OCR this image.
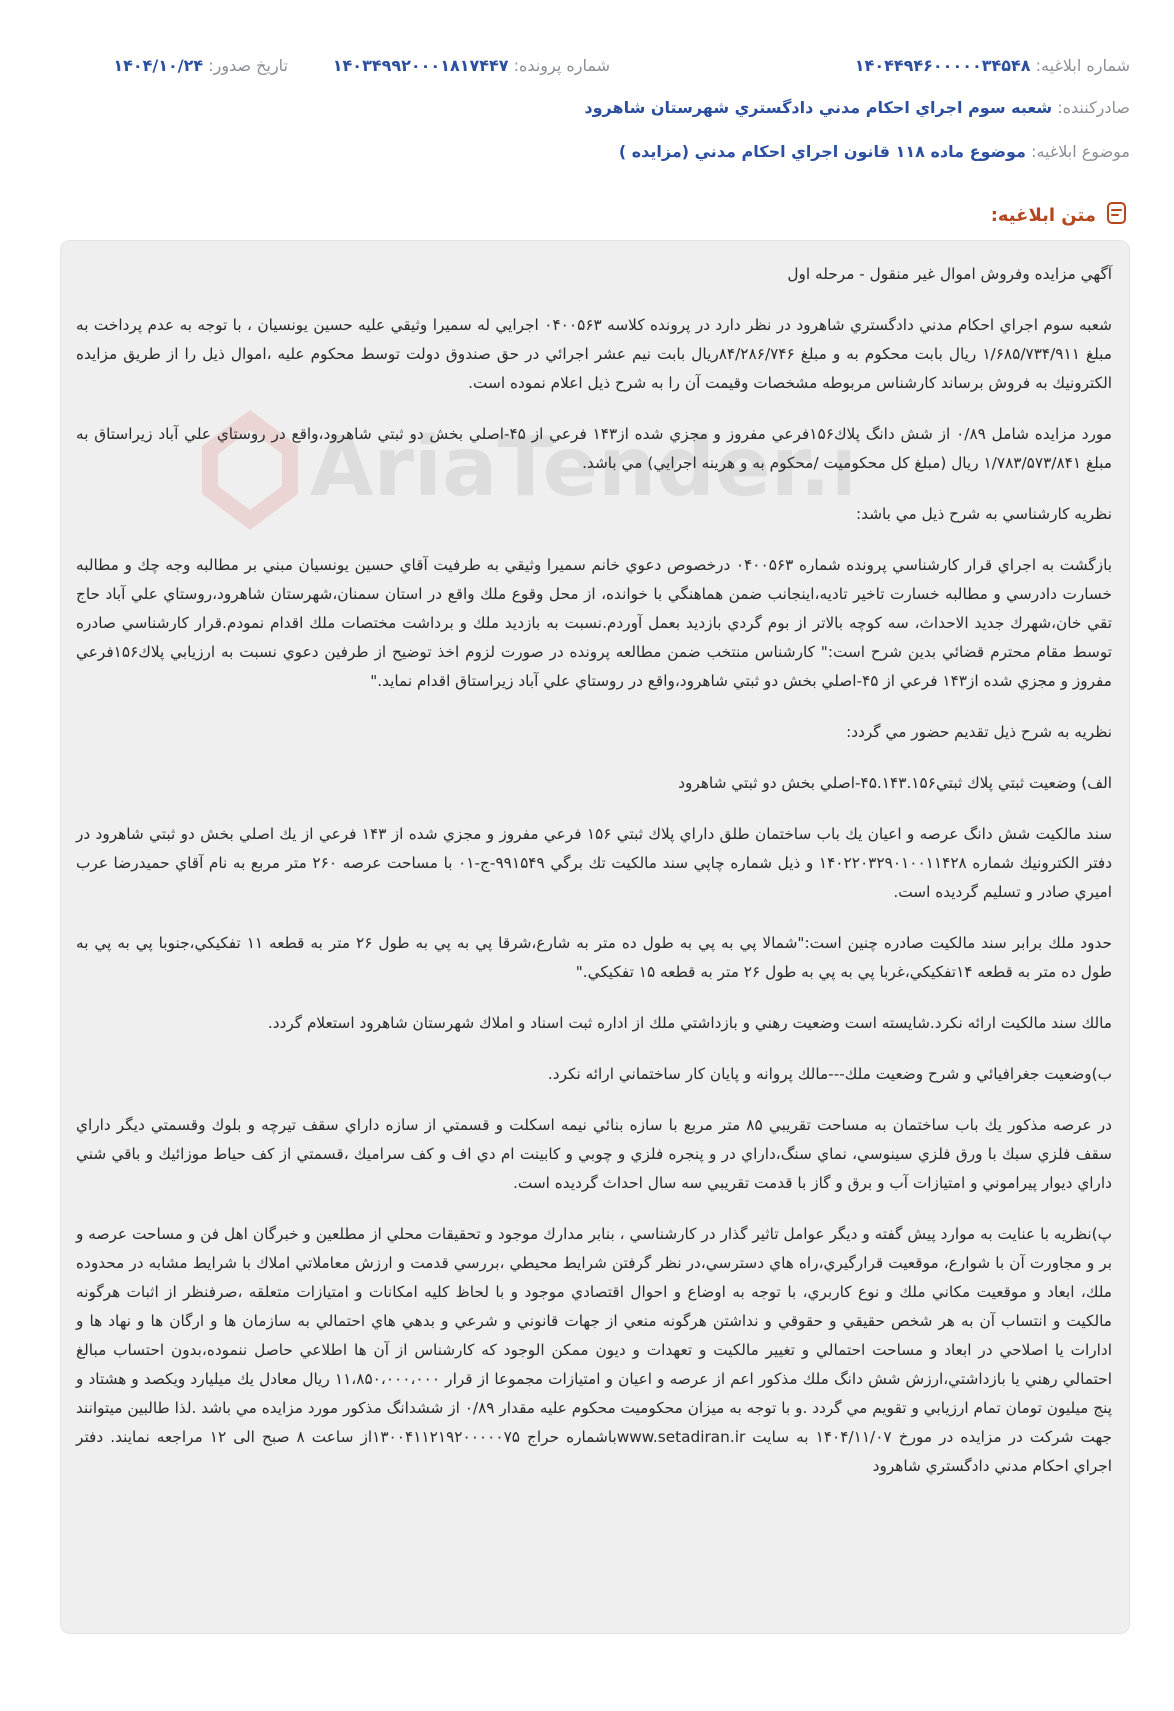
شماره ابلاغيه: ۱۴۰۴۴۹۴۶۰۰۰۰۰۳۴۵۴۸
شماره پرونده: ۱۴۰۳۴۹۹۲۰۰۰۱۸۱۷۴۴۷
تاريخ صدور: ۱۴۰۴/۱۰/۲۴
صادرکننده: شعبه سوم اجراي احكام مدني دادگستري شهرستان شاهرود
موضوع ابلاغيه: موضوع ماده ۱۱۸ قانون اجراي احكام مدني (مزايده )
متن ابلاغيه:
AriaTender.

آگهي مزايده وفروش اموال غير منقول - مرحله اول

شعبه سوم اجراي احكام مدني دادگستري شاهرود در نظر دارد در پرونده كلاسه ۰۴۰۰۵۶۳ اجرايي له سميرا وثيقي عليه حسين يونسيان ، با توجه به عدم پرداخت به مبلغ ۱/۶۸۵/۷۳۴/۹۱۱ ريال بابت محكوم به و مبلغ ۸۴/۲۸۶/۷۴۶ريال بابت نيم عشر اجرائي در حق صندوق دولت توسط محكوم عليه ،اموال ذيل را از طريق مزايده الكترونيك به فروش برساند كارشناس مربوطه مشخصات وقيمت آن را به شرح ذيل اعلام نموده است.

مورد مزايده شامل ۰/۸۹ از شش دانگ پلاك۱۵۶فرعي مفروز و مجزي شده از۱۴۳ فرعي از ۴۵-اصلي بخش دو ثبتي شاهرود،واقع در روستاي علي آباد زيراستاق به مبلغ ۱/۷۸۳/۵۷۳/۸۴۱ ريال (مبلغ كل محكوميت /محكوم به و هرينه اجرايي) مي باشد.

نظريه كارشناسي به شرح ذيل مي باشد:

بازگشت به اجراي قرار كارشناسي پرونده شماره ۰۴۰۰۵۶۳ درخصوص دعوي خانم سميرا وثيقي به طرفيت آقاي حسين يونسيان مبني بر مطالبه وجه چك و مطالبه خسارت دادرسي و مطالبه خسارت تاخير تاديه،اينجانب ضمن هماهنگي با خوانده، از محل وقوع ملك واقع در استان سمنان،شهرستان شاهرود،روستاي علي آباد حاج تقي خان،شهرك جديد الاحداث، سه كوچه بالاتر از بوم گردي بازديد بعمل آوردم.نسبت به بازديد ملك و برداشت مختصات ملك اقدام نمودم.قرار كارشناسي صادره توسط مقام محترم قضائي بدين شرح است:" كارشناس منتخب ضمن مطالعه پرونده در صورت لزوم اخذ توضيح از طرفين دعوي نسبت به ارزيابي پلاك۱۵۶فرعي مفروز و مجزي شده از۱۴۳ فرعي از ۴۵-اصلي بخش دو ثبتي شاهرود،واقع در روستاي علي آباد زيراستاق اقدام نمايد."

نظريه به شرح ذيل تقديم حضور مي گردد:

الف) وضعيت ثبتي پلاك ثبتي۴۵.۱۴۳.۱۵۶-اصلي بخش دو ثبتي شاهرود

سند مالكيت شش دانگ عرصه و اعيان يك باب ساختمان طلق داراي پلاك ثبتي ۱۵۶ فرعي مفروز و مجزي شده از ۱۴۳ فرعي از يك اصلي بخش دو ثبتي شاهرود در دفتر الكترونيك شماره ۱۴۰۲۲۰۳۲۹۰۱۰۰۱۱۴۲۸ و ذيل شماره چاپي سند مالكيت تك برگي ۹۹۱۵۴۹-ج-۰۱ با مساحت عرصه ۲۶۰ متر مربع به نام آقاي حميدرضا عرب اميري صادر و تسليم گرديده است.

حدود ملك برابر سند مالكيت صادره چنين است:"شمالا پي به پي به طول ده متر به شارع،شرقا پي به پي به طول ۲۶ متر به قطعه ۱۱ تفكيكي،جنوبا پي به پي به طول ده متر به قطعه ۱۴تفكيكي،غربا پي به پي به طول ۲۶ متر به قطعه ۱۵ تفكيكي."

مالك سند مالكيت ارائه نكرد.شايسته است وضعيت رهني و بازداشتي ملك از اداره ثبت اسناد و املاك شهرستان شاهرود استعلام گردد.

ب)وضعيت جغرافيائي و شرح وضعيت ملك---مالك پروانه و پايان كار ساختماني ارائه نكرد.

در عرصه مذكور يك باب ساختمان به مساحت تقريبي ۸۵ متر مربع با سازه بنائي نيمه اسكلت و قسمتي از سازه داراي سقف تيرچه و بلوك وقسمتي ديگر داراي سقف فلزي سبك با ورق فلزي سينوسي، نماي سنگ،داراي در و پنجره فلزي و چوبي و كابينت ام دي اف و كف سراميك ،قسمتي از كف حياط موزائيك و باقي شني داراي ديوار پيراموني و امتيازات آب و برق و گاز با قدمت تقريبي سه سال احداث گرديده است.

پ)نظريه با عنايت به موارد پيش گفته و ديگر عوامل تاثير گذار در كارشناسي ، بنابر مدارك موجود و تحقيقات محلي از مطلعين و خبرگان اهل فن و مساحت عرصه و بر و مجاورت آن با شوارع، موقعيت قرارگيري،راه هاي دسترسي،در نظر گرفتن شرايط محيطي ،بررسي قدمت و ارزش معاملاتي املاك با شرايط مشابه در محدوده ملك، ابعاد و موقعيت مكاني ملك و نوع كاربري، با توجه به اوضاع و احوال اقتصادي موجود و با لحاظ كليه امكانات و امتيازات متعلقه ،صرفنظر از اثبات هرگونه مالكيت و انتساب آن به هر شخص حقيقي و حقوقي و نداشتن هرگونه منعي از جهات قانوني و شرعي و بدهي هاي احتمالي به سازمان ها و ارگان ها و نهاد ها و ادارات يا اصلاحي در ابعاد و مساحت احتمالي و تغيير مالكيت و تعهدات و ديون ممكن الوجود كه كارشناس از آن ها اطلاعي حاصل ننموده،بدون احتساب مبالغ احتمالي رهني يا بازداشتي،ارزش شش دانگ ملك مذكور اعم از عرصه و اعيان و امتيازات مجموعا از قرار ۱۱،۸۵۰،۰۰۰،۰۰۰ ريال معادل يك ميليارد ويكصد و هشتاد و پنج ميليون تومان تمام ارزيابي و تقويم مي گردد .و با توجه به ميزان محكوميت محكوم عليه مقدار ۰/۸۹ از ششدانگ مذكور مورد مزايده مي باشد .لذا طالبين ميتوانند جهت شركت در مزايده در مورخ ۱۴۰۴/۱۱/۰۷ به سايت www.setadiran.irباشماره حراج ۱۳۰۰۴۱۱۲۱۹۲۰۰۰۰۰۷۵از ساعت ۸ صبح الی ۱۲ مراجعه نمايند. دفتر اجراي احكام مدني دادگستري شاهرود
